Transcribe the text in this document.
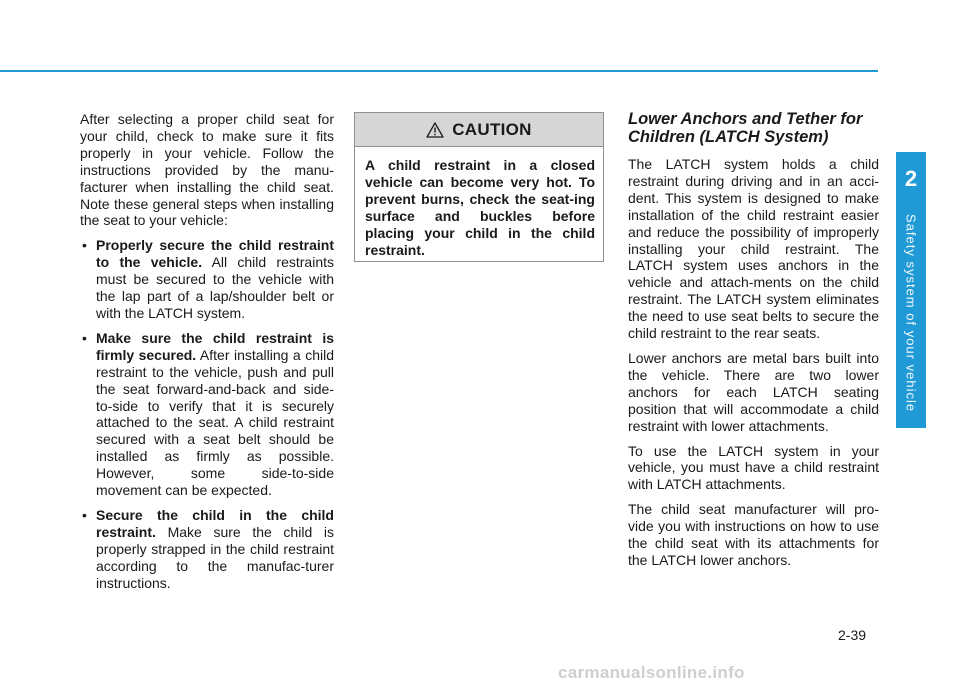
2
Safety system of your vehicle

After selecting a proper child seat for your child, check to make sure it fits properly in your vehicle. Follow the instructions provided by the manu-facturer when installing the child seat. Note these general steps when installing the seat to your vehicle:

• Properly secure the child restraint to the vehicle. All child restraints must be secured to the vehicle with the lap part of a lap/shoulder belt or with the LATCH system.
• Make sure the child restraint is firmly secured. After installing a child restraint to the vehicle, push and pull the seat forward-and-back and side-to-side to verify that it is securely attached to the seat. A child restraint secured with a seat belt should be installed as firmly as possible. However, some side-to-side movement can be expected.
• Secure the child in the child restraint. Make sure the child is properly strapped in the child restraint according to the manufac-turer instructions.
CAUTION
A child restraint in a closed vehicle can become very hot. To prevent burns, check the seat-ing surface and buckles before placing your child in the child restraint.
Lower Anchors and Tether for Children (LATCH System)

The LATCH system holds a child restraint during driving and in an acci-dent. This system is designed to make installation of the child restraint easier and reduce the possibility of improperly installing your child restraint. The LATCH system uses anchors in the vehicle and attach-ments on the child restraint. The LATCH system eliminates the need to use seat belts to secure the child restraint to the rear seats.

Lower anchors are metal bars built into the vehicle. There are two lower anchors for each LATCH seating position that will accommodate a child restraint with lower attachments.

To use the LATCH system in your vehicle, you must have a child restraint with LATCH attachments.

The child seat manufacturer will pro-vide you with instructions on how to use the child seat with its attachments for the LATCH lower anchors.

2-39
carmanualsonline.info
